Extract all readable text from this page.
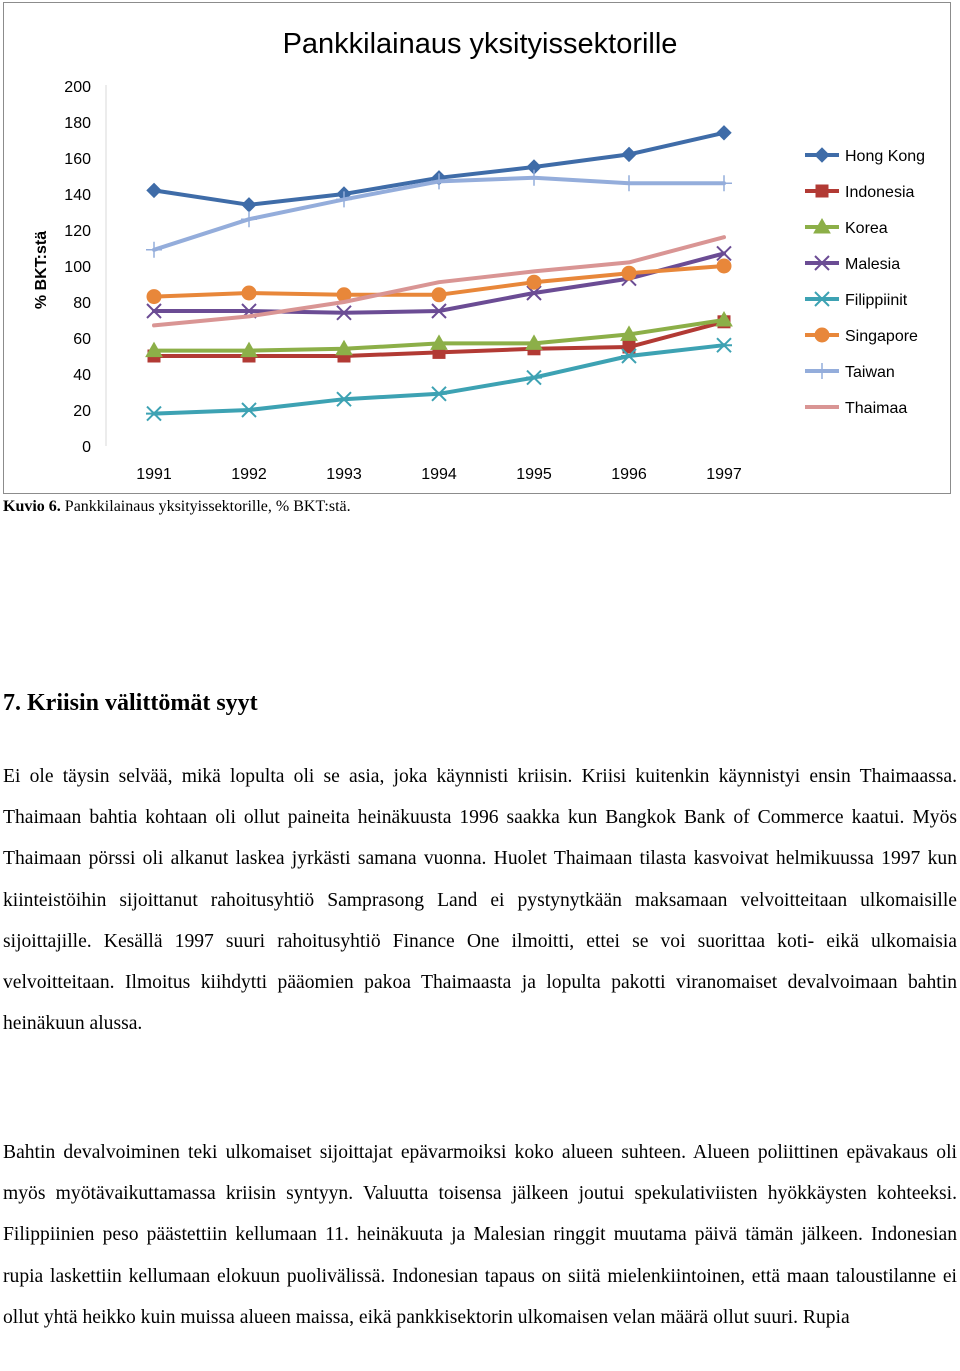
Pankkilainaus yksityissektorille
% BKT:stä
0
20
40
60
80
100
120
140
160
180
200
1991	1992	1993	1994	1995	1996	1997
Hong Kong
Indonesia
Korea
Malesia
Filippiinit
Singapore
Taiwan
Thaimaa
Kuvio 6. Pankkilainaus yksityissektorille, % BKT:stä.
7. Kriisin välittömät syyt

Ei ole täysin selvää, mikä lopulta oli se asia, joka käynnisti kriisin. Kriisi kuitenkin käynnistyi ensin Thaimaassa. Thaimaan bahtia kohtaan oli ollut paineita heinäkuusta 1996 saakka kun Bangkok Bank of Commerce kaatui. Myös Thaimaan pörssi oli alkanut laskea jyrkästi samana vuonna. Huolet Thaimaan tilasta kasvoivat helmikuussa 1997 kun kiinteistöihin sijoittanut rahoitusyhtiö Samprasong Land ei pystynytkään maksamaan velvoitteitaan ulkomaisille sijoittajille. Kesällä 1997 suuri rahoitusyhtiö Finance One ilmoitti, ettei se voi suorittaa koti- eikä ulkomaisia velvoitteitaan. Ilmoitus kiihdytti pääomien pakoa Thaimaasta ja lopulta pakotti viranomaiset devalvoimaan bahtin heinäkuun alussa.

Bahtin devalvoiminen teki ulkomaiset sijoittajat epävarmoiksi koko alueen suhteen. Alueen poliittinen epävakaus oli myös myötävaikuttamassa kriisin syntyyn. Valuutta toisensa jälkeen joutui spekulativiisten hyökkäysten kohteeksi. Filippiinien peso päästettiin kellumaan 11. heinäkuuta ja Malesian ringgit muutama päivä tämän jälkeen. Indonesian rupia laskettiin kellumaan elokuun puolivälissä. Indonesian tapaus on siitä mielenkiintoinen, että maan taloustilanne ei ollut yhtä heikko kuin muissa alueen maissa, eikä pankkisektorin ulkomaisen velan määrä ollut suuri. Rupia
